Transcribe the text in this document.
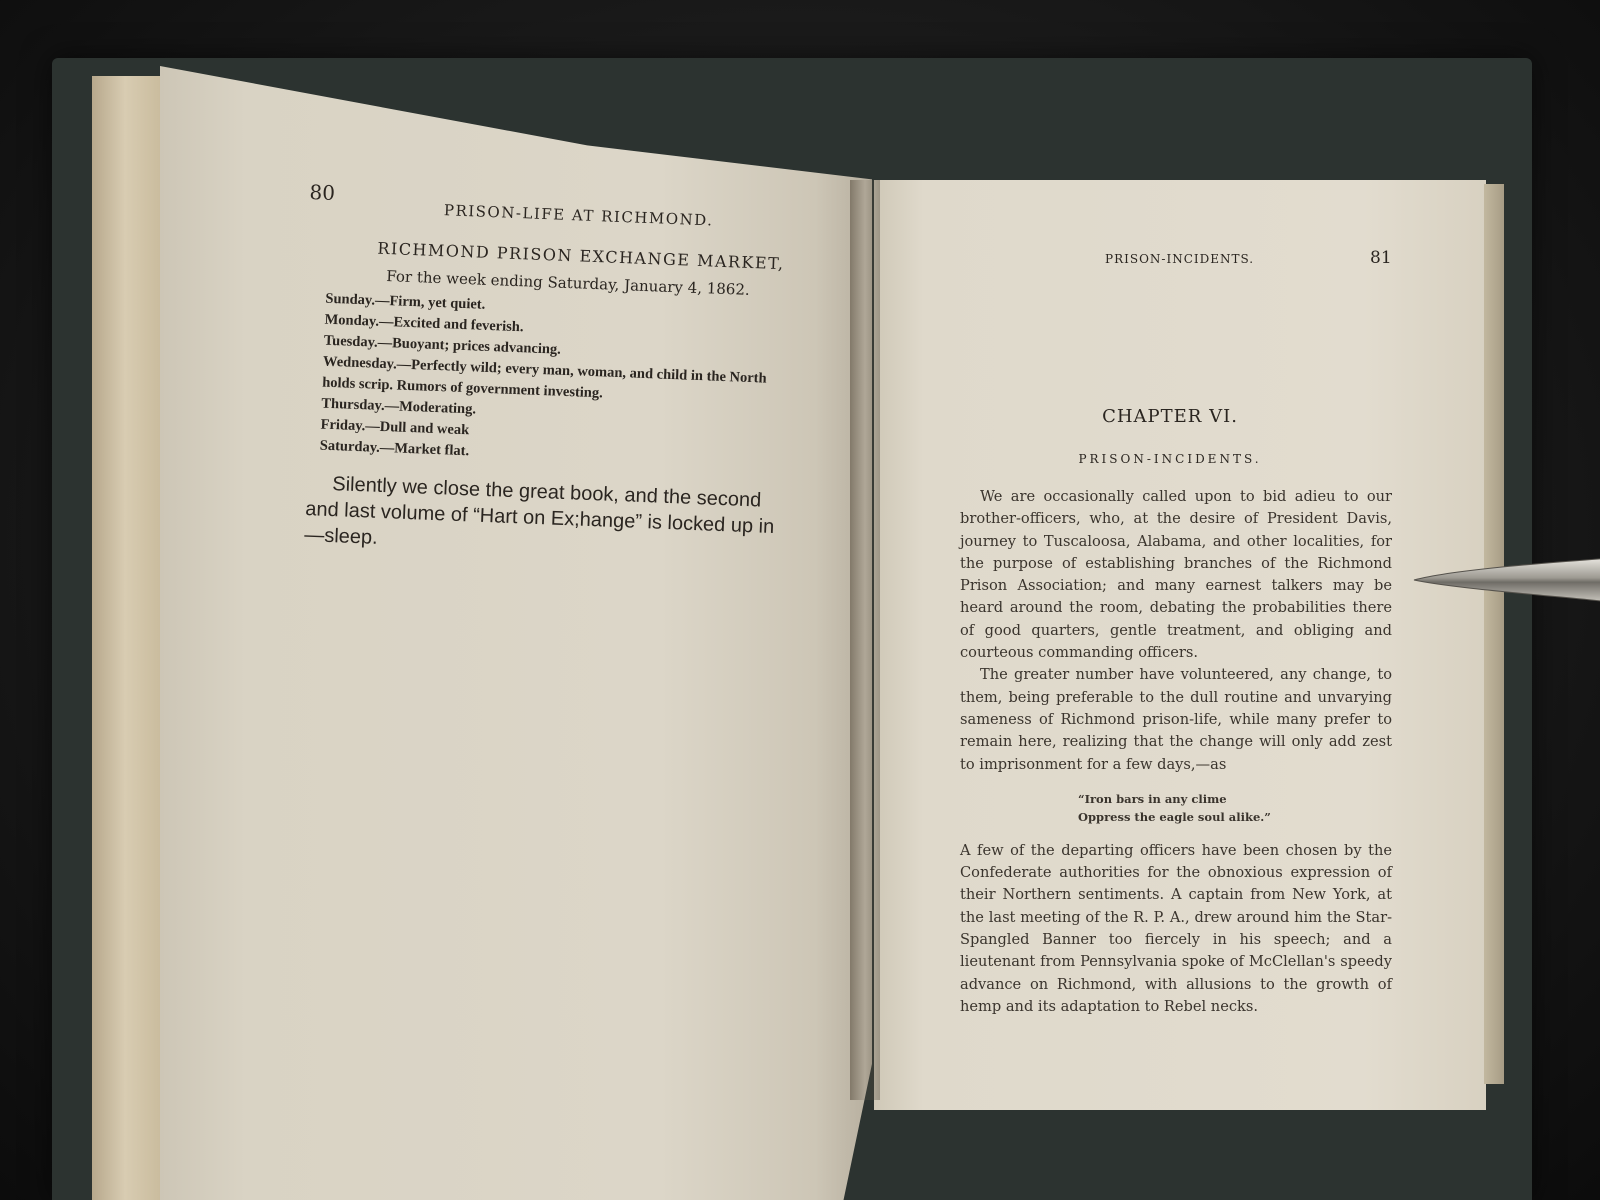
80
PRISON-LIFE AT RICHMOND.
RICHMOND PRISON EXCHANGE MARKET,
For the week ending Saturday, January 4, 1862.

Sunday.—Firm, yet quiet.

Monday.—Excited and feverish.

Tuesday.—Buoyant; prices advancing.

Wednesday.—Perfectly wild; every man, woman, and child in the North holds scrip. Rumors of government investing.

Thursday.—Moderating.

Friday.—Dull and weak

Saturday.—Market flat.

Silently we close the great book, and the second and last volume of “Hart on Ex;hange” is locked up in—sleep.
PRISON-INCIDENTS.	81
CHAPTER VI.
PRISON-INCIDENTS.

We are occasionally called upon to bid adieu to our brother-officers, who, at the desire of President Davis, journey to Tuscaloosa, Alabama, and other localities, for the purpose of establishing branches of the Richmond Prison Association; and many earnest talkers may be heard around the room, debating the probabilities there of good quarters, gentle treatment, and obliging and courteous commanding officers.

The greater number have volunteered, any change, to them, being preferable to the dull routine and unvarying sameness of Richmond prison-life, while many prefer to remain here, realizing that the change will only add zest to imprisonment for a few days,—as

“Iron bars in any clime
Oppress the eagle soul alike.”

A few of the departing officers have been chosen by the Confederate authorities for the obnoxious expression of their Northern sentiments. A captain from New York, at the last meeting of the R. P. A., drew around him the Star-Spangled Banner too fiercely in his speech; and a lieutenant from Pennsylvania spoke of McClellan's speedy advance on Richmond, with allusions to the growth of hemp and its adaptation to Rebel necks.
